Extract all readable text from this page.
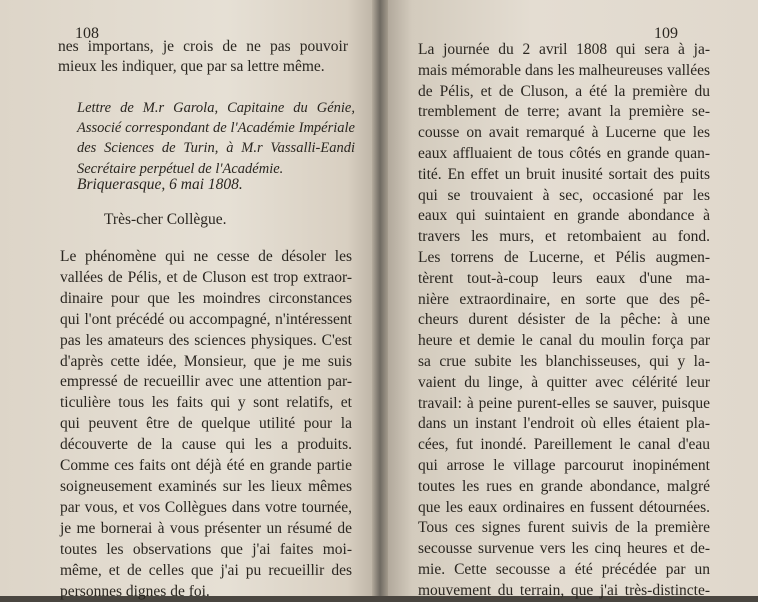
108	109
nes importans, je crois de ne pas pouvoir
mieux les indiquer, que par sa lettre même.
Lettre de M.r Garola, Capitaine du Génie,
Associé correspondant de l'Académie Impériale
des Sciences de Turin, à M.r Vassalli-Eandi
Secrétaire perpétuel de l'Académie.
Briquerasque, 6 mai 1808.
Très-cher Collègue.
Le phénomène qui ne cesse de désoler les
vallées de Pélis, et de Cluson est trop extraor-
dinaire pour que les moindres circonstances
qui l'ont précédé ou accompagné, n'intéressent
pas les amateurs des sciences physiques. C'est
d'après cette idée, Monsieur, que je me suis
empressé de recueillir avec une attention par-
ticulière tous les faits qui y sont relatifs, et
qui peuvent être de quelque utilité pour la
découverte de la cause qui les a produits.
Comme ces faits ont déjà été en grande partie
soigneusement examinés sur les lieux mêmes
par vous, et vos Collègues dans votre tournée,
je me bornerai à vous présenter un résumé de
toutes les observations que j'ai faites moi-
même, et de celles que j'ai pu recueillir des
personnes dignes de foi.
La journée du 2 avril 1808 qui sera à ja-
mais mémorable dans les malheureuses vallées
de Pélis, et de Cluson, a été la première du
tremblement de terre; avant la première se-
cousse on avait remarqué à Lucerne que les
eaux affluaient de tous côtés en grande quan-
tité. En effet un bruit inusité sortait des puits
qui se trouvaient à sec, occasioné par les
eaux qui suintaient en grande abondance à
travers les murs, et retombaient au fond.
Les torrens de Lucerne, et Pélis augmen-
tèrent tout-à-coup leurs eaux d'une ma-
nière extraordinaire, en sorte que des pê-
cheurs durent désister de la pêche: à une
heure et demie le canal du moulin força par
sa crue subite les blanchisseuses, qui y la-
vaient du linge, à quitter avec célérité leur
travail: à peine purent-elles se sauver, puisque
dans un instant l'endroit où elles étaient pla-
cées, fut inondé. Pareillement le canal d'eau
qui arrose le village parcourut inopinément
toutes les rues en grande abondance, malgré
que les eaux ordinaires en fussent détournées.
Tous ces signes furent suivis de la première
secousse survenue vers les cinq heures et de-
mie. Cette secousse a été précédée par un
mouvement du terrain, que j'ai très-distincte-
